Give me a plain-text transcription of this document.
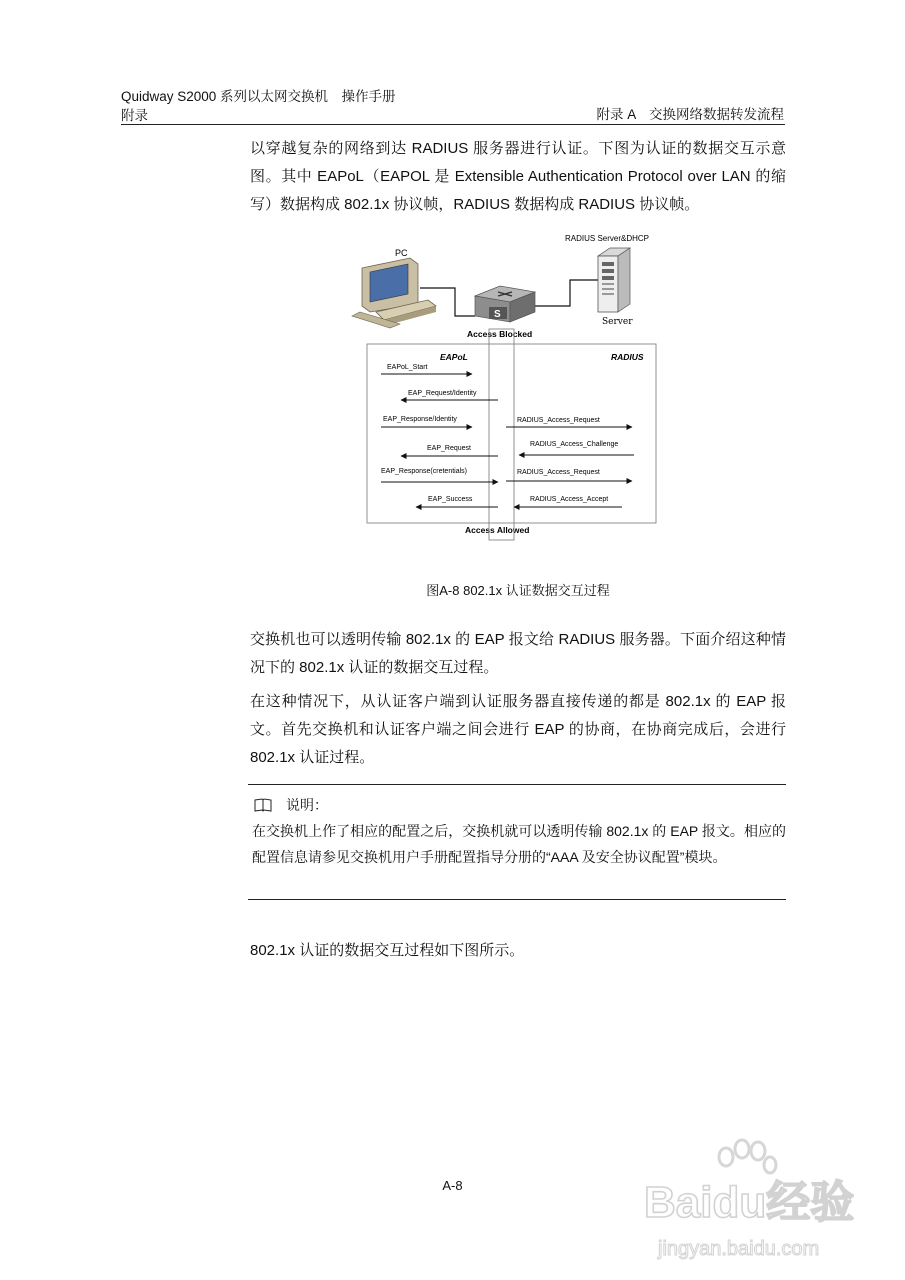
Quidway S2000 系列以太网交换机　操作手册
附录	附录 A　交换网络数据转发流程
以穿越复杂的网络到达 RADIUS 服务器进行认证。下图为认证的数据交互示意图。其中 EAPoL（EAPOL 是 Extensible Authentication Protocol over LAN 的缩写）数据构成 802.1x 协议帧，RADIUS 数据构成 RADIUS 协议帧。
PC
S
RADIUS Server&DHCP
Server
Access Blocked
Access Allowed
EAPoL	RADIUS
EAPoL_Start
EAP_Request/Identity
EAP_Response/Identity
EAP_Request
EAP_Response(cretentials)
EAP_Success
RADIUS_Access_Request
RADIUS_Access_Challenge
RADIUS_Access_Request
RADIUS_Access_Accept
图A-8 802.1x 认证数据交互过程
交换机也可以透明传输 802.1x 的 EAP 报文给 RADIUS 服务器。下面介绍这种情况下的 802.1x 认证的数据交互过程。
在这种情况下，从认证客户端到认证服务器直接传递的都是 802.1x 的 EAP 报文。首先交换机和认证客户端之间会进行 EAP 的协商，在协商完成后，会进行 802.1x 认证过程。
说明：
在交换机上作了相应的配置之后，交换机就可以透明传输 802.1x 的 EAP 报文。相应的配置信息请参见交换机用户手册配置指导分册的“AAA 及安全协议配置”模块。
802.1x 认证的数据交互过程如下图所示。
A-8	Baidu经验
jingyan.baidu.com
